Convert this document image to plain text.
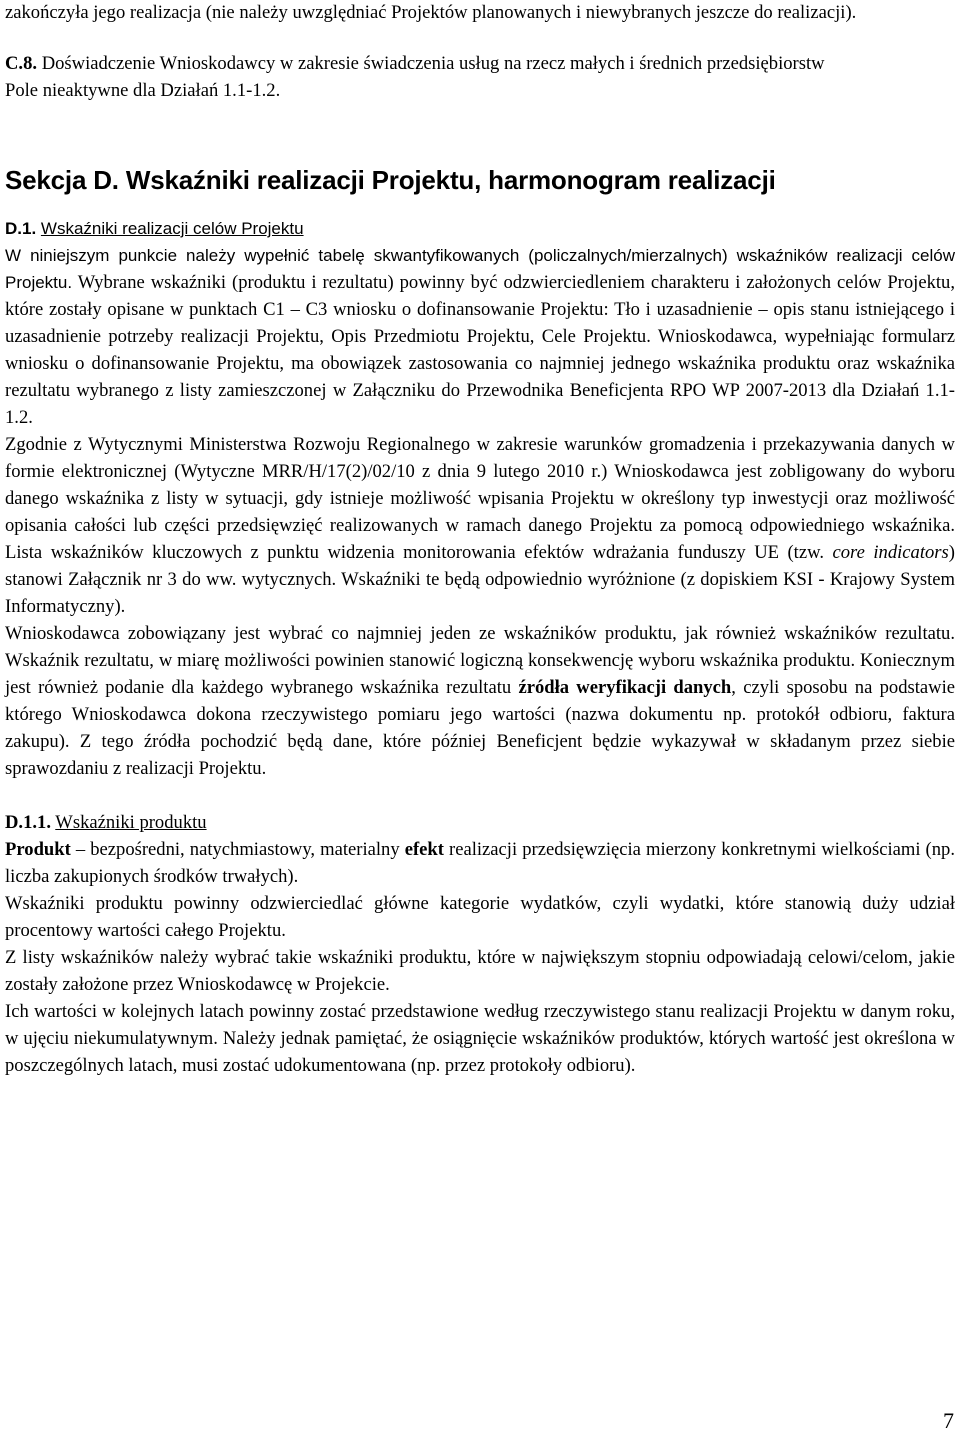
zakończyła jego realizacja (nie należy uwzględniać Projektów planowanych i niewybranych jeszcze do realizacji).

C.8. Doświadczenie Wnioskodawcy w zakresie świadczenia usług na rzecz małych i średnich przedsiębiorstw

Pole nieaktywne dla Działań 1.1-1.2.

Sekcja D. Wskaźniki realizacji Projektu, harmonogram realizacji

D.1. Wskaźniki realizacji celów Projektu

W niniejszym punkcie należy wypełnić tabelę skwantyfikowanych (policzalnych/mierzalnych) wskaźników realizacji celów Projektu. Wybrane wskaźniki (produktu i rezultatu) powinny być odzwierciedleniem charakteru i założonych celów Projektu, które zostały opisane w punktach C1 – C3 wniosku o dofinansowanie Projektu: Tło i uzasadnienie – opis stanu istniejącego i uzasadnienie potrzeby realizacji Projektu, Opis Przedmiotu Projektu, Cele Projektu. Wnioskodawca, wypełniając formularz wniosku o dofinansowanie Projektu, ma obowiązek zastosowania co najmniej jednego wskaźnika produktu oraz wskaźnika rezultatu wybranego z listy zamieszczonej w Załączniku do Przewodnika Beneficjenta RPO WP 2007-2013 dla Działań 1.1-1.2.

Zgodnie z Wytycznymi Ministerstwa Rozwoju Regionalnego w zakresie warunków gromadzenia i przekazywania danych w formie elektronicznej (Wytyczne MRR/H/17(2)/02/10 z dnia 9 lutego 2010 r.) Wnioskodawca jest zobligowany do wyboru danego wskaźnika z listy w sytuacji, gdy istnieje możliwość wpisania Projektu w określony typ inwestycji oraz możliwość opisania całości lub części przedsięwzięć realizowanych w ramach danego Projektu za pomocą odpowiedniego wskaźnika. Lista wskaźników kluczowych z punktu widzenia monitorowania efektów wdrażania funduszy UE (tzw. core indicators) stanowi Załącznik nr 3 do ww. wytycznych. Wskaźniki te będą odpowiednio wyróżnione (z dopiskiem KSI - Krajowy System Informatyczny).

Wnioskodawca zobowiązany jest wybrać co najmniej jeden ze wskaźników produktu, jak również wskaźników rezultatu. Wskaźnik rezultatu, w miarę możliwości powinien stanowić logiczną konsekwencję wyboru wskaźnika produktu. Koniecznym jest również podanie dla każdego wybranego wskaźnika rezultatu źródła weryfikacji danych, czyli sposobu na podstawie którego Wnioskodawca dokona rzeczywistego pomiaru jego wartości (nazwa dokumentu np. protokół odbioru, faktura zakupu). Z tego źródła pochodzić będą dane, które później Beneficjent będzie wykazywał w składanym przez siebie sprawozdaniu z realizacji Projektu.

D.1.1. Wskaźniki produktu

Produkt – bezpośredni, natychmiastowy, materialny efekt realizacji przedsięwzięcia mierzony konkretnymi wielkościami (np. liczba zakupionych środków trwałych).

Wskaźniki produktu powinny odzwierciedlać główne kategorie wydatków, czyli wydatki, które stanowią duży udział procentowy wartości całego Projektu.

Z listy wskaźników należy wybrać takie wskaźniki produktu, które w największym stopniu odpowiadają celowi/celom, jakie zostały założone przez Wnioskodawcę w Projekcie.

Ich wartości w kolejnych latach powinny zostać przedstawione według rzeczywistego stanu realizacji Projektu w danym roku, w ujęciu niekumulatywnym. Należy jednak pamiętać, że osiągnięcie wskaźników produktów, których wartość jest określona w poszczególnych latach, musi zostać udokumentowana (np. przez protokoły odbioru).

7
